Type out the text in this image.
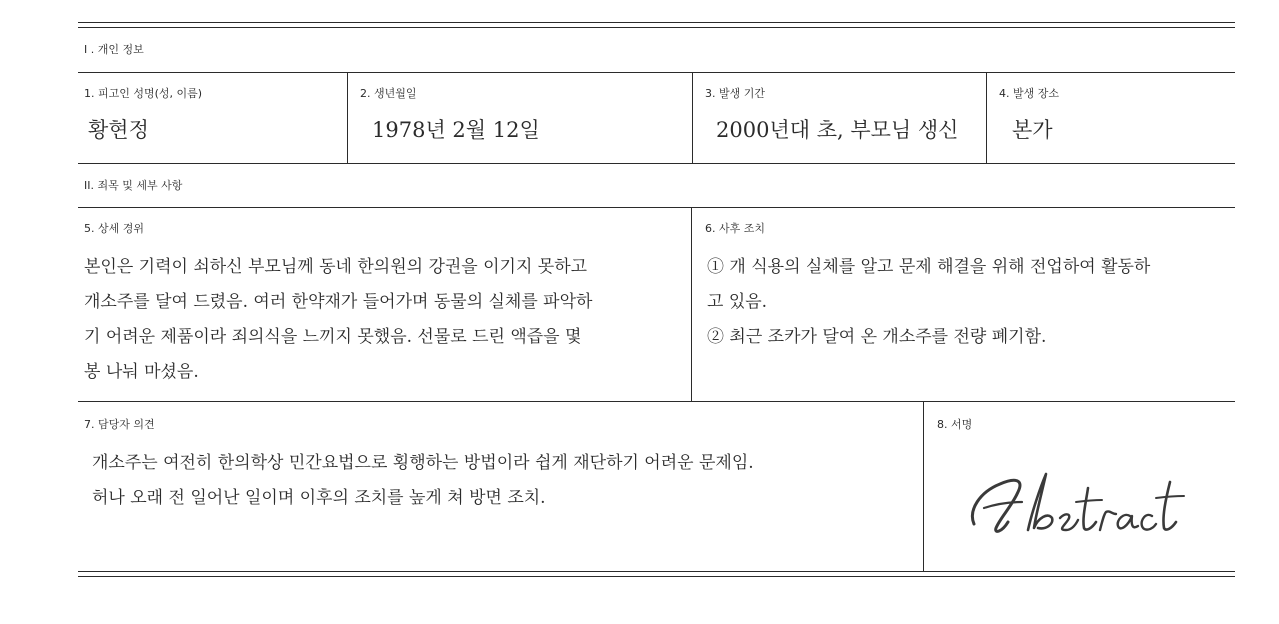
I . 개인 정보
1. 피고인 성명(성, 이름)
황현정
2. 생년월일
1978년 2월 12일
3. 발생 기간
2000년대 초, 부모님 생신
4. 발생 장소
본가
II. 죄목 및 세부 사항
5. 상세 경위
본인은 기력이 쇠하신 부모님께 동네 한의원의 강권을 이기지 못하고
개소주를 달여 드렸음. 여러 한약재가 들어가며 동물의 실체를 파악하
기 어려운 제품이라 죄의식을 느끼지 못했음. 선물로 드린 액즙을 몇
봉 나눠 마셨음.
6. 사후 조치
① 개 식용의 실체를 알고 문제 해결을 위해 전업하여 활동하
고 있음.
② 최근 조카가 달여 온 개소주를 전량 폐기함.
7. 담당자 의견
개소주는 여전히 한의학상 민간요법으로 횡행하는 방법이라 쉽게 재단하기 어려운 문제임.
허나 오래 전 일어난 일이며 이후의 조치를 높게 쳐 방면 조치.
8. 서명
